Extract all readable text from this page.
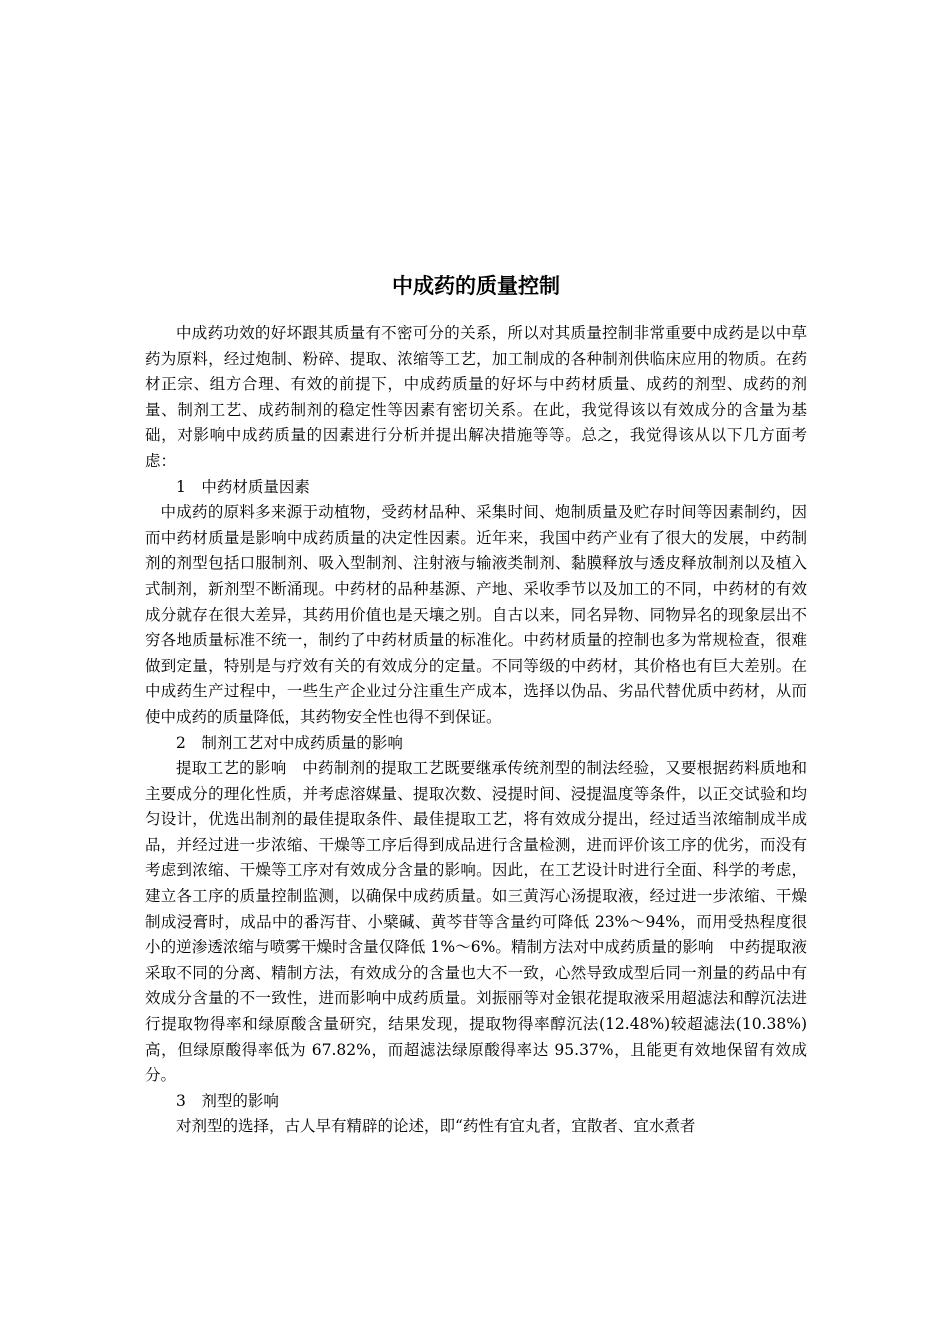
中成药的质量控制

中成药功效的好坏跟其质量有不密可分的关系，所以对其质量控制非常重要中成药是以中草药为原料，经过炮制、粉碎、提取、浓缩等工艺，加工制成的各种制剂供临床应用的物质。在药材正宗、组方合理、有效的前提下，中成药质量的好坏与中药材质量、成药的剂型、成药的剂量、制剂工艺、成药制剂的稳定性等因素有密切关系。在此，我觉得该以有效成分的含量为基础，对影响中成药质量的因素进行分析并提出解决措施等等。总之，我觉得该从以下几方面考虑：

1　中药材质量因素

中成药的原料多来源于动植物，受药材品种、采集时间、炮制质量及贮存时间等因素制约，因而中药材质量是影响中成药质量的决定性因素。近年来，我国中药产业有了很大的发展，中药制剂的剂型包括口服制剂、吸入型制剂、注射液与输液类制剂、黏膜释放与透皮释放制剂以及植入式制剂，新剂型不断涌现。中药材的品种基源、产地、采收季节以及加工的不同，中药材的有效成分就存在很大差异，其药用价值也是天壤之别。自古以来，同名异物、同物异名的现象层出不穷各地质量标准不统一，制约了中药材质量的标准化。中药材质量的控制也多为常规检查，很难做到定量，特别是与疗效有关的有效成分的定量。不同等级的中药材，其价格也有巨大差别。在中成药生产过程中，一些生产企业过分注重生产成本，选择以伪品、劣品代替优质中药材，从而使中成药的质量降低，其药物安全性也得不到保证。

2　制剂工艺对中成药质量的影响

提取工艺的影响　中药制剂的提取工艺既要继承传统剂型的制法经验，又要根据药料质地和主要成分的理化性质，并考虑溶媒量、提取次数、浸提时间、浸提温度等条件，以正交试验和均匀设计，优选出制剂的最佳提取条件、最佳提取工艺，将有效成分提出，经过适当浓缩制成半成品，并经过进一步浓缩、干燥等工序后得到成品进行含量检测，进而评价该工序的优劣，而没有考虑到浓缩、干燥等工序对有效成分含量的影响。因此，在工艺设计时进行全面、科学的考虑，建立各工序的质量控制监测，以确保中成药质量。如三黄泻心汤提取液，经过进一步浓缩、干燥制成浸膏时，成品中的番泻苷、小檗碱、黄芩苷等含量约可降低 23%～94%，而用受热程度很小的逆渗透浓缩与喷雾干燥时含量仅降低 1%～6%。精制方法对中成药质量的影响　中药提取液采取不同的分离、精制方法，有效成分的含量也大不一致，心然导致成型后同一剂量的药品中有效成分含量的不一致性，进而影响中成药质量。刘振丽等对金银花提取液采用超滤法和醇沉法进行提取物得率和绿原酸含量研究，结果发现，提取物得率醇沉法(12.48%)较超滤法(10.38%)高，但绿原酸得率低为 67.82%，而超滤法绿原酸得率达 95.37%，且能更有效地保留有效成分。

3　剂型的影响

对剂型的选择，古人早有精辟的论述，即“药性有宜丸者，宜散者、宜水煮者
